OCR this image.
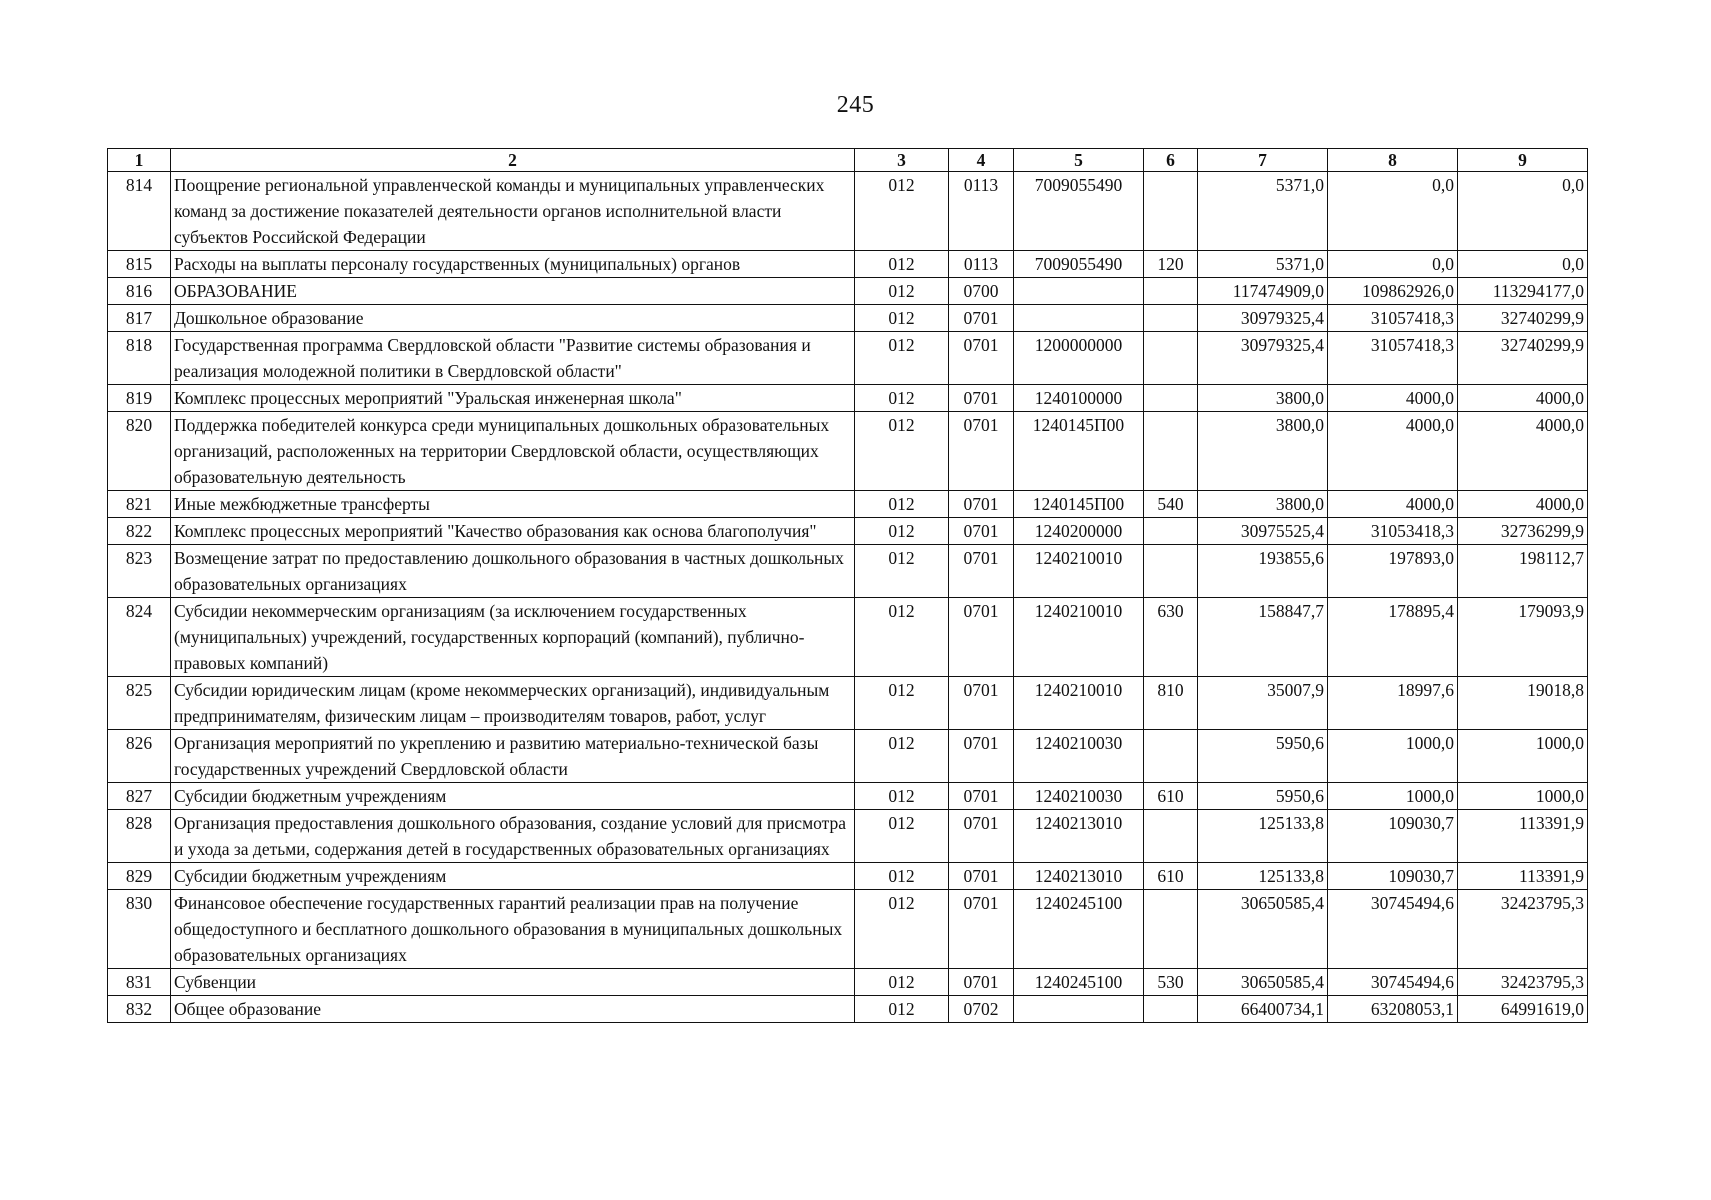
245
1	2	3	4	5	6	7	8	9
814	Поощрение региональной управленческой команды и муниципальных управленческих команд за достижение показателей деятельности органов исполнительной власти субъектов Российской Федерации	012	0113	7009055490		5371,0	0,0	0,0
815	Расходы на выплаты персоналу государственных (муниципальных) органов	012	0113	7009055490	120	5371,0	0,0	0,0
816	ОБРАЗОВАНИЕ	012	0700			117474909,0	109862926,0	113294177,0
817	Дошкольное образование	012	0701			30979325,4	31057418,3	32740299,9
818	Государственная программа Свердловской области "Развитие системы образования и реализация молодежной политики в Свердловской области"	012	0701	1200000000		30979325,4	31057418,3	32740299,9
819	Комплекс процессных мероприятий "Уральская инженерная школа"	012	0701	1240100000		3800,0	4000,0	4000,0
820	Поддержка победителей конкурса среди муниципальных дошкольных образовательных организаций, расположенных на территории Свердловской области, осуществляющих образовательную деятельность	012	0701	1240145П00		3800,0	4000,0	4000,0
821	Иные межбюджетные трансферты	012	0701	1240145П00	540	3800,0	4000,0	4000,0
822	Комплекс процессных мероприятий "Качество образования как основа благополучия"	012	0701	1240200000		30975525,4	31053418,3	32736299,9
823	Возмещение затрат по предоставлению дошкольного образования в частных дошкольных образовательных организациях	012	0701	1240210010		193855,6	197893,0	198112,7
824	Субсидии некоммерческим организациям (за исключением государственных (муниципальных) учреждений, государственных корпораций (компаний), публично-правовых компаний)	012	0701	1240210010	630	158847,7	178895,4	179093,9
825	Субсидии юридическим лицам (кроме некоммерческих организаций), индивидуальным предпринимателям, физическим лицам – производителям товаров, работ, услуг	012	0701	1240210010	810	35007,9	18997,6	19018,8
826	Организация мероприятий по укреплению и развитию материально-технической базы государственных учреждений Свердловской области	012	0701	1240210030		5950,6	1000,0	1000,0
827	Субсидии бюджетным учреждениям	012	0701	1240210030	610	5950,6	1000,0	1000,0
828	Организация предоставления дошкольного образования, создание условий для присмотра и ухода за детьми, содержания детей в государственных образовательных организациях	012	0701	1240213010		125133,8	109030,7	113391,9
829	Субсидии бюджетным учреждениям	012	0701	1240213010	610	125133,8	109030,7	113391,9
830	Финансовое обеспечение государственных гарантий реализации прав на получение общедоступного и бесплатного дошкольного образования в муниципальных дошкольных образовательных организациях	012	0701	1240245100		30650585,4	30745494,6	32423795,3
831	Субвенции	012	0701	1240245100	530	30650585,4	30745494,6	32423795,3
832	Общее образование	012	0702			66400734,1	63208053,1	64991619,0
